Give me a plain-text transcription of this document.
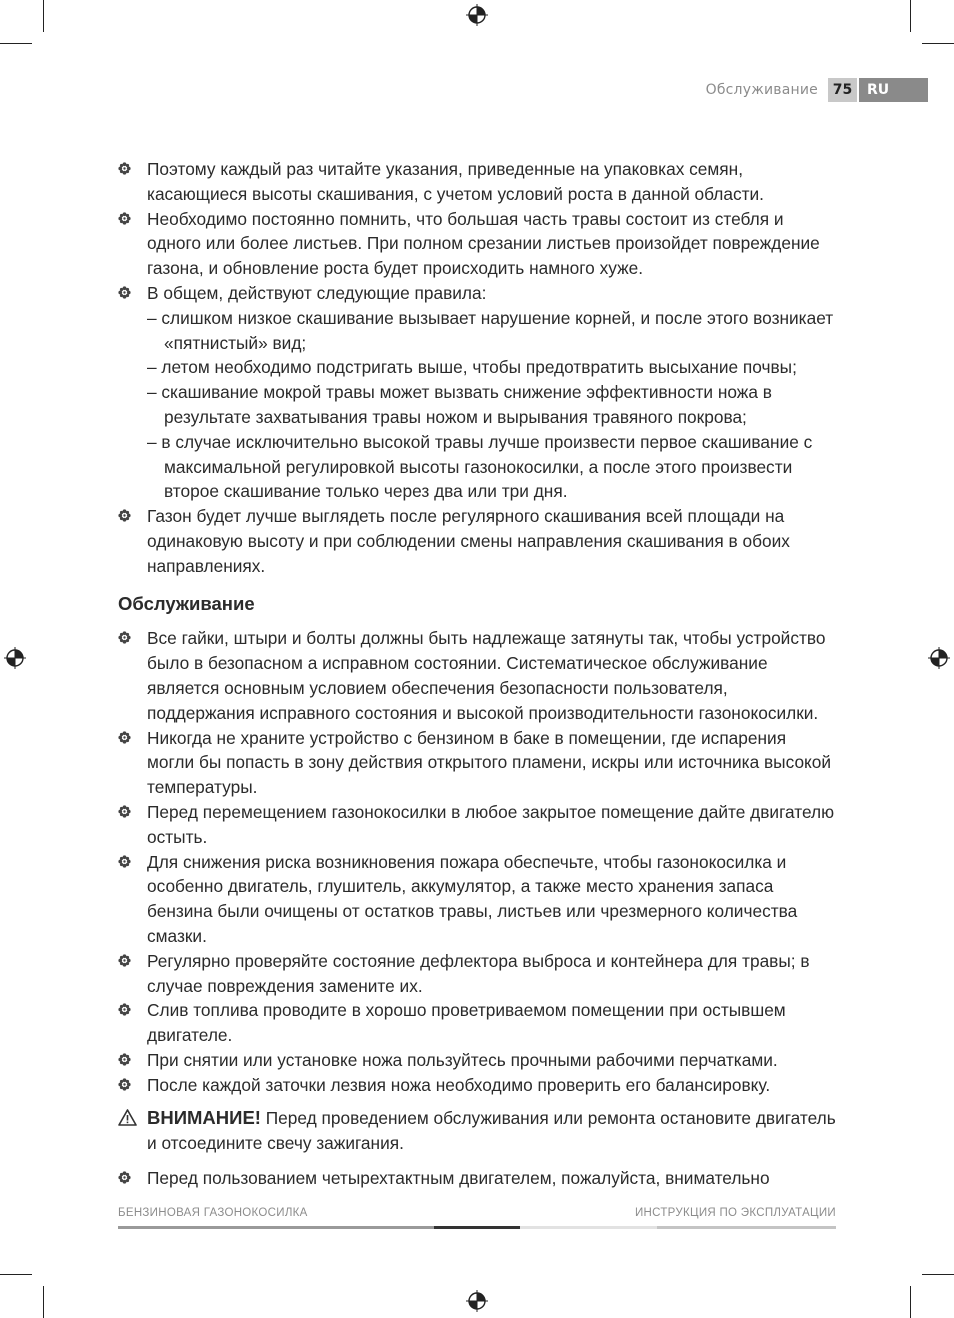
Обслуживание	75	RU
Поэтому каждый раз читайте указания, приведенные на упаковках семян, касающиеся высоты скашивания, с учетом условий роста в данной области.
Необходимо постоянно помнить, что большая часть травы состоит из стебля и одного или более листьев. При полном срезании листьев произойдет повреждение газона, и обновление роста будет происходить намного хуже.
В общем, действуют следующие правила:
– слишком низкое скашивание вызывает нарушение корней, и после этого возникает «пятнистый» вид;
– летом необходимо подстригать выше, чтобы предотвратить высыхание почвы;
– скашивание мокрой травы может вызвать снижение эффективности ножа в результате захватывания травы ножом и вырывания травяного покрова;
– в случае исключительно высокой травы лучше произвести первое скашивание с максимальной регулировкой высоты газонокосилки, а после этого произвести второе скашивание только через два или три дня.
Газон будет лучше выглядеть после регулярного скашивания всей площади на одинаковую высоту и при соблюдении смены направления скашивания в обоих направлениях.
Обслуживание
Все гайки, штыри и болты должны быть надлежаще затянуты так, чтобы устройство было в безопасном а исправном состоянии. Систематическое обслуживание является основным условием обеспечения безопасности пользователя, поддержания исправного состояния и высокой производительности газонокосилки.
Никогда не храните устройство с бензином в баке в помещении, где испарения могли бы попасть в зону действия открытого пламени, искры или источника высокой температуры.
Перед перемещением газонокосилки в любое закрытое помещение дайте двигателю остыть.
Для снижения риска возникновения пожара обеспечьте, чтобы газонокосилка и особенно двигатель, глушитель, аккумулятор, а также место хранения запаса бензина были очищены от остатков травы, листьев или чрезмерного количества смазки.
Регулярно проверяйте состояние дефлектора выброса и контейнера для травы; в случае повреждения замените их.
Слив топлива проводите в хорошо проветриваемом помещении при остывшем двигателе.
При снятии или установке ножа пользуйтесь прочными рабочими перчатками.
После каждой заточки лезвия ножа необходимо проверить его балансировку.
ВНИМАНИЕ! Перед проведением обслуживания или ремонта остановите двигатель и отсоедините свечу зажигания.
Перед пользованием четырехтактным двигателем, пожалуйста, внимательно
БЕНЗИНОВАЯ ГАЗОНОКОСИЛКА	ИНСТРУКЦИЯ ПО ЭКСПЛУАТАЦИИ
